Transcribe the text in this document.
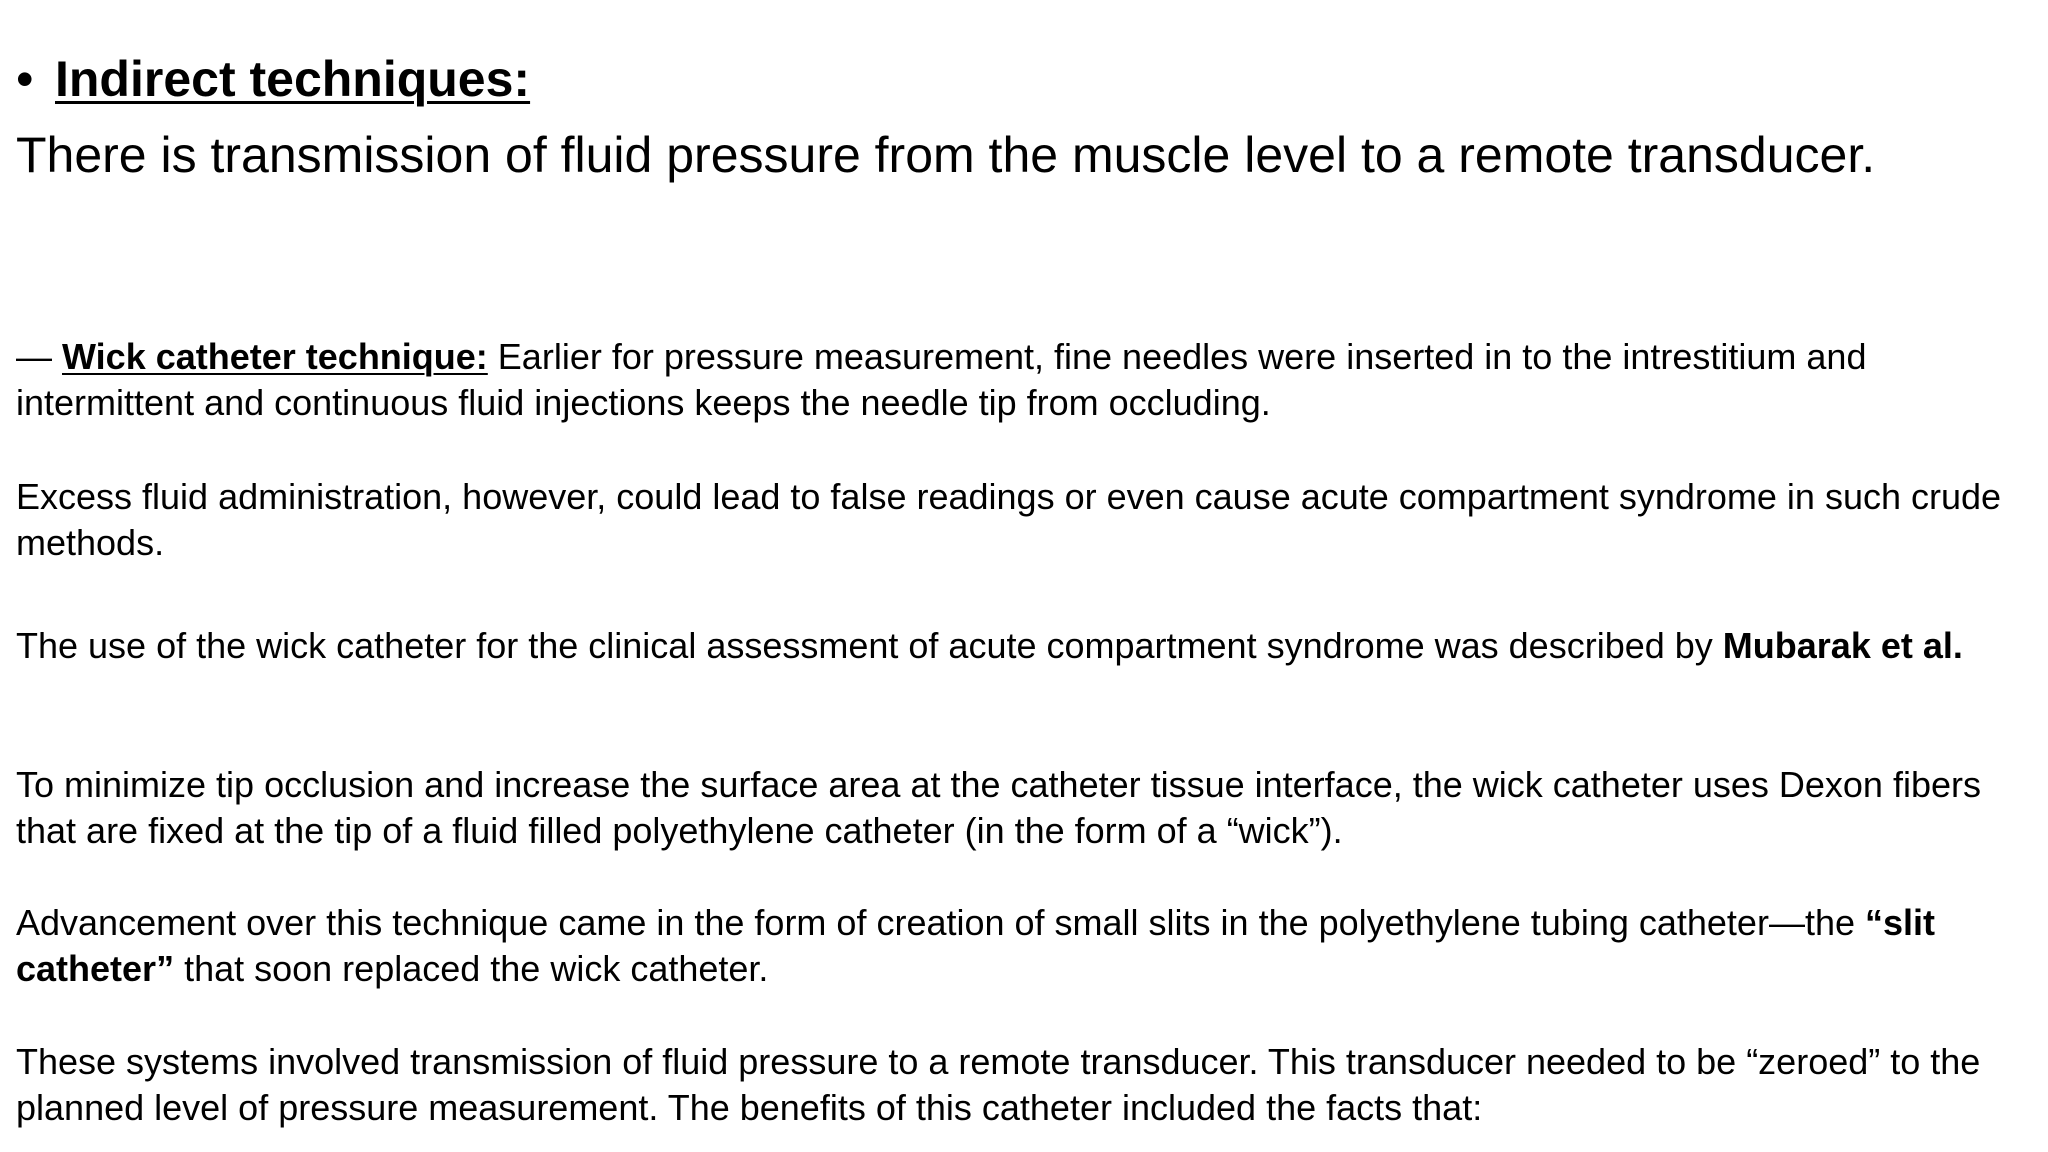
• Indirect techniques:
There is transmission of fluid pressure from the muscle level to a remote transducer.
— Wick catheter technique: Earlier for pressure measurement, fine needles were inserted in to the intrestitium and intermittent and continuous fluid injections keeps the needle tip from occluding.
Excess fluid administration, however, could lead to false readings or even cause acute compartment syndrome in such crude methods.
The use of the wick catheter for the clinical assessment of acute compartment syndrome was described by Mubarak et al.
To minimize tip occlusion and increase the surface area at the catheter tissue interface, the wick catheter uses Dexon fibers that are fixed at the tip of a fluid filled polyethylene catheter (in the form of a “wick”).
Advancement over this technique came in the form of creation of small slits in the polyethylene tubing catheter—the “slit catheter” that soon replaced the wick catheter.
These systems involved transmission of fluid pressure to a remote transducer. This transducer needed to be “zeroed” to the planned level of pressure measurement. The benefits of this catheter included the facts that:
